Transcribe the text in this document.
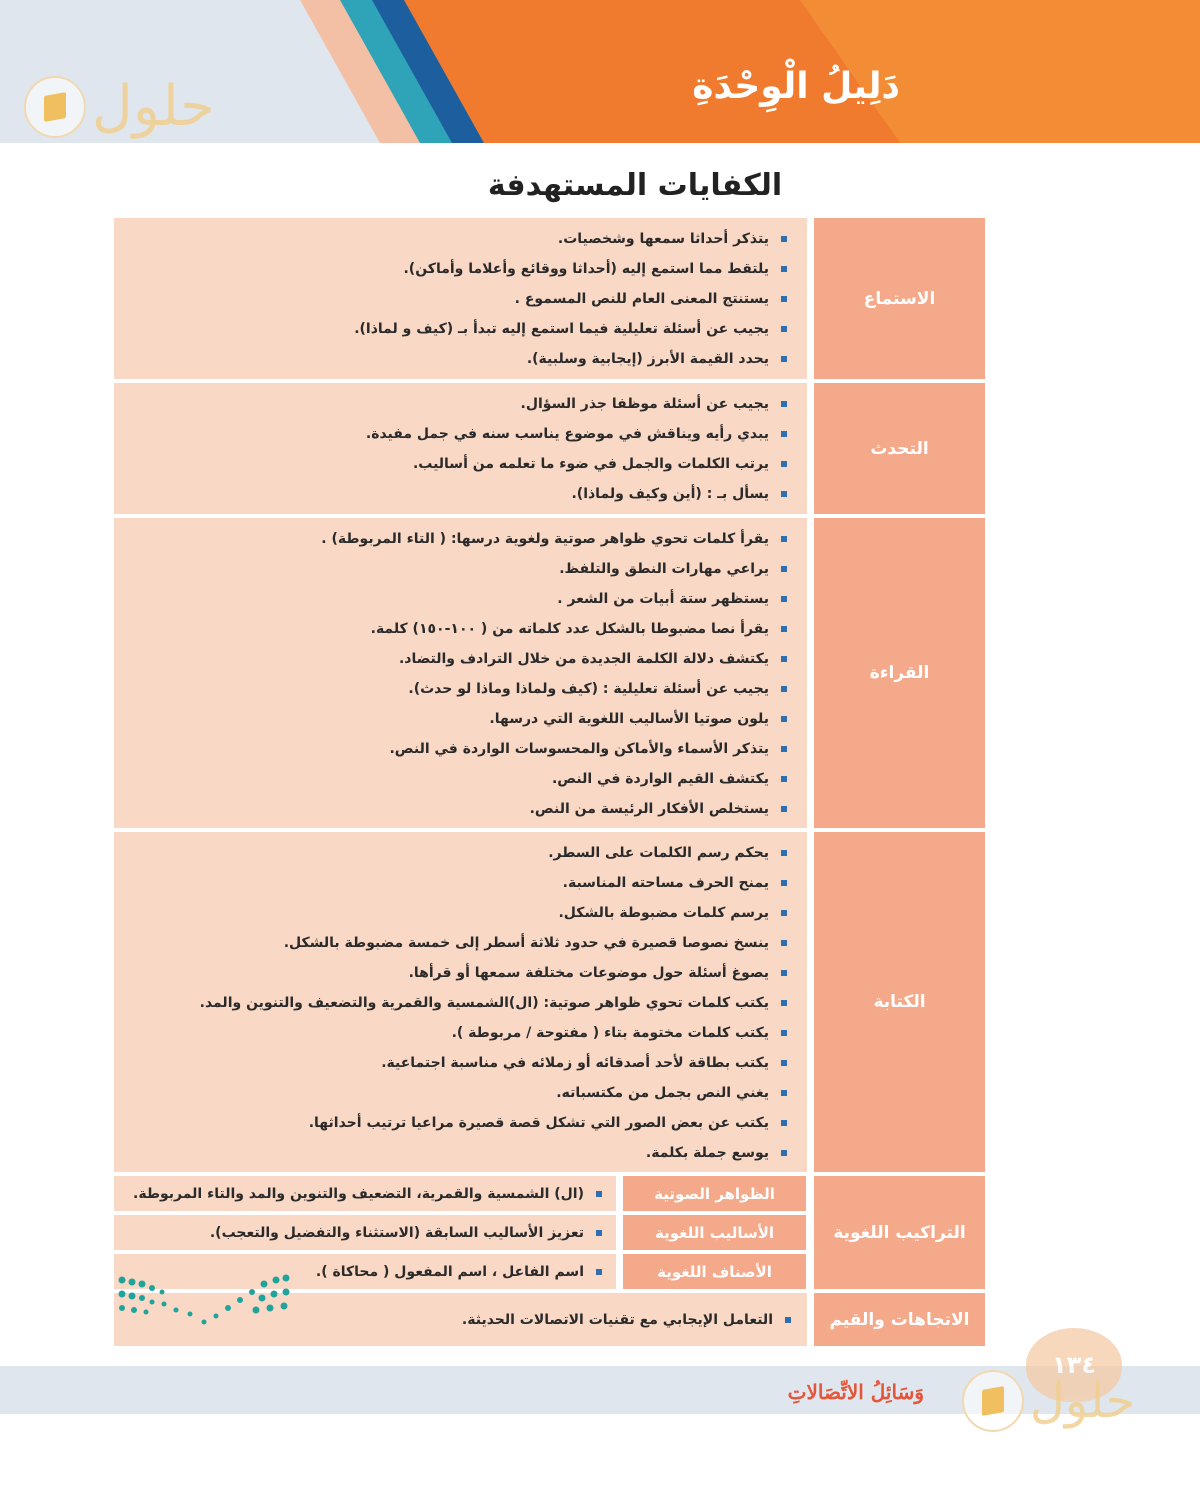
دَلِيلُ الْوِحْدَةِ
حلول
الكفايات المستهدفة
يتذكر أحداثا سمعها وشخصيات.
يلتقط مما استمع إليه (أحداثا ووقائع وأعلاما وأماكن).
يستنتج المعنى العام للنص المسموع .
يجيب عن أسئلة تعليلية فيما استمع إليه تبدأ بـ (كيف و لماذا).
يحدد القيمة الأبرز (إيجابية وسلبية).
الاستماع
يجيب عن أسئلة موظفا جذر السؤال.
يبدي رأيه ويناقش في موضوع يناسب سنه في جمل مفيدة.
يرتب الكلمات والجمل في ضوء ما تعلمه من أساليب.
يسأل بـ : (أين وكيف ولماذا).
التحدث
يقرأ كلمات تحوي ظواهر صوتية ولغوية درسها: ( التاء المربوطة) .
يراعي مهارات النطق والتلفظ.
يستظهر ستة أبيات من الشعر .
يقرأ نصا مضبوطا بالشكل عدد كلماته من ( ١٠٠-١٥٠) كلمة.
يكتشف دلالة الكلمة الجديدة من خلال الترادف والتضاد.
يجيب عن أسئلة تعليلية : (كيف ولماذا وماذا لو حدث).
يلون صوتيا الأساليب اللغوية التي درسها.
يتذكر الأسماء والأماكن والمحسوسات الواردة في النص.
يكتشف القيم الواردة في النص.
يستخلص الأفكار الرئيسة من النص.
القراءة
يحكم رسم الكلمات على السطر.
يمنح الحرف مساحته المناسبة.
يرسم كلمات مضبوطة بالشكل.
ينسخ نصوصا قصيرة في حدود ثلاثة أسطر إلى خمسة مضبوطة بالشكل.
يصوغ أسئلة حول موضوعات مختلفة سمعها أو قرأها.
يكتب كلمات تحوي ظواهر صوتية: (ال)الشمسية والقمرية والتضعيف والتنوين والمد.
يكتب كلمات مختومة بتاء ( مفتوحة / مربوطة ).
يكتب بطاقة لأحد أصدقائه أو زملائه في مناسبة اجتماعية.
يغني النص بجمل من مكتسباته.
يكتب عن بعض الصور التي تشكل قصة قصيرة مراعيا ترتيب أحداثها.
يوسع جملة بكلمة.
الكتابة
التراكيب اللغوية
الظواهر الصوتية
الأساليب اللغوية
الأصناف اللغوية
(ال) الشمسية والقمرية، التضعيف والتنوين والمد والتاء المربوطة.
تعزيز الأساليب السابقة (الاستثناء والتفضيل والتعجب).
اسم الفاعل ، اسم المفعول ( محاكاة ).
التعامل الإيجابي مع تقنيات الاتصالات الحديثة.	الاتجاهات والقيم
وَسَائِلُ الاتِّصَالاتِ
١٣٤
حلول
